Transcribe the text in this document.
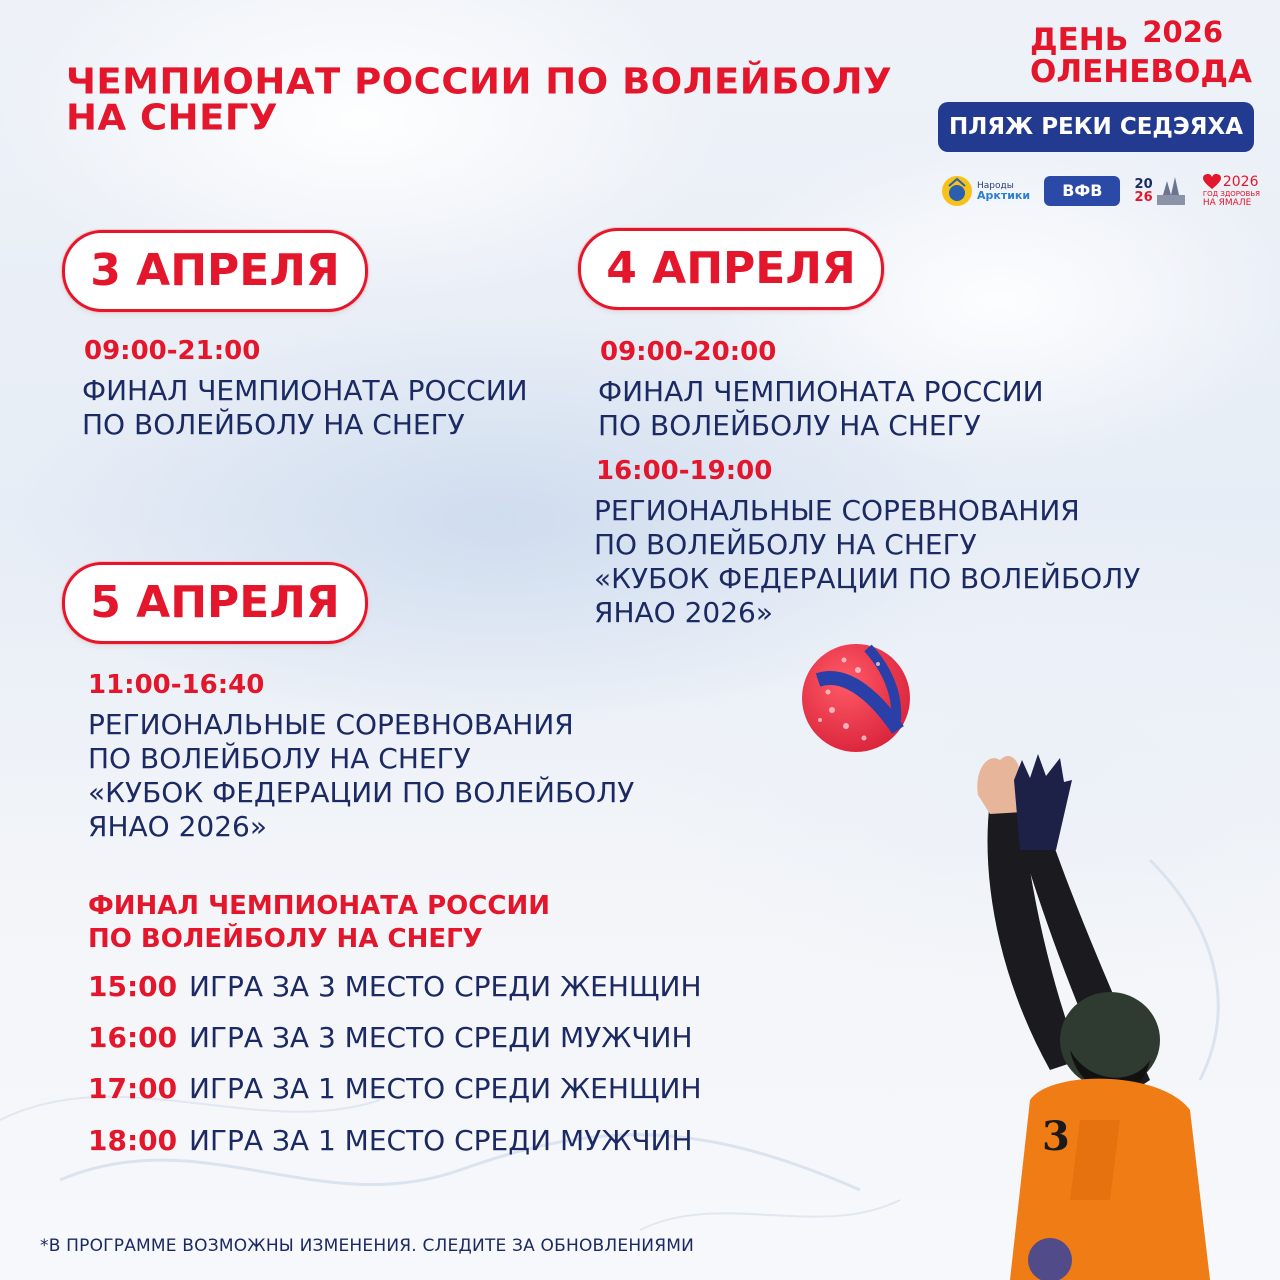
ЧЕМПИОНАТ РОССИИ ПО ВОЛЕЙБОЛУ
НА СНЕГУ
ДЕНЬ 2026
ОЛЕНЕВОДА
ПЛЯЖ РЕКИ СЕДЭЯХА
Народы
Арктики	ВФВ	20
26
2026
ГОД ЗДОРОВЬЯ
НА ЯМАЛЕ
3 АПРЕЛЯ
09:00-21:00
ФИНАЛ ЧЕМПИОНАТА РОССИИ
ПО ВОЛЕЙБОЛУ НА СНЕГУ
4 АПРЕЛЯ
09:00-20:00
ФИНАЛ ЧЕМПИОНАТА РОССИИ
ПО ВОЛЕЙБОЛУ НА СНЕГУ
16:00-19:00
РЕГИОНАЛЬНЫЕ СОРЕВНОВАНИЯ
ПО ВОЛЕЙБОЛУ НА СНЕГУ
«КУБОК ФЕДЕРАЦИИ ПО ВОЛЕЙБОЛУ
ЯНАО 2026»
5 АПРЕЛЯ
11:00-16:40
РЕГИОНАЛЬНЫЕ СОРЕВНОВАНИЯ
ПО ВОЛЕЙБОЛУ НА СНЕГУ
«КУБОК ФЕДЕРАЦИИ ПО ВОЛЕЙБОЛУ
ЯНАО 2026»
ФИНАЛ ЧЕМПИОНАТА РОССИИ
ПО ВОЛЕЙБОЛУ НА СНЕГУ
15:00 ИГРА ЗА 3 МЕСТО СРЕДИ ЖЕНЩИН
16:00 ИГРА ЗА 3 МЕСТО СРЕДИ МУЖЧИН
17:00 ИГРА ЗА 1 МЕСТО СРЕДИ ЖЕНЩИН
18:00 ИГРА ЗА 1 МЕСТО СРЕДИ МУЖЧИН	3
*В ПРОГРАММЕ ВОЗМОЖНЫ ИЗМЕНЕНИЯ. СЛЕДИТЕ ЗА ОБНОВЛЕНИЯМИ
